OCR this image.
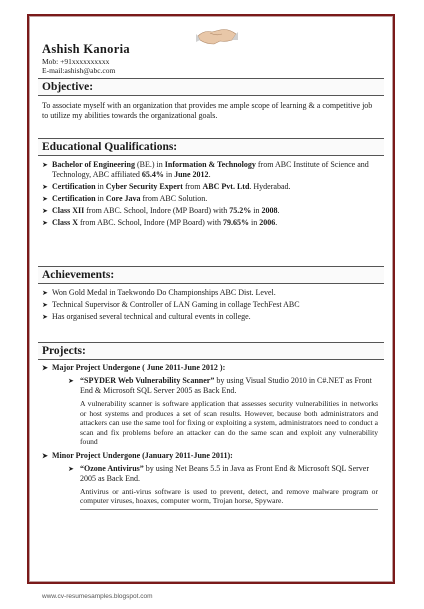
Ashish Kanoria
Mob: +91xxxxxxxxxx
E-mail:ashish@abc.com
Objective:
To associate myself with an organization that provides me ample scope of learning & a competitive job to utilize my abilities towards the organizational goals.
Educational Qualifications:
➤ Bachelor of Engineering (BE.) in Information & Technology from ABC Institute of Science and Technology, ABC affiliated 65.4% in June 2012.
➤ Certification in Cyber Security Expert from ABC Pvt. Ltd. Hyderabad.
➤ Certification in Core Java from ABC Solution.
➤ Class XII from ABC. School, Indore (MP Board) with 75.2% in 2008.
➤ Class X from ABC. School, Indore (MP Board) with 79.65% in 2006.
Achievements:
➤ Won Gold Medal in Taekwondo Do Championships ABC Dist. Level.
➤ Technical Supervisor & Controller of LAN Gaming in collage TechFest ABC
➤ Has organised several technical and cultural events in college.
Projects:
➤ Major Project Undergone ( June 2011-June 2012 ):
➤ “SPYDER Web Vulnerability Scanner” by using Visual Studio 2010 in C#.NET as Front End & Microsoft SQL Server 2005 as Back End.
A vulnerability scanner is software application that assesses security vulnerabilities in networks or host systems and produces a set of scan results. However, because both administrators and attackers can use the same tool for fixing or exploiting a system, administrators need to conduct a scan and fix problems before an attacker can do the same scan and exploit any vulnerability found
➤ Minor Project Undergone (January 2011-June 2011):
➤ “Ozone Antivirus” by using Net Beans 5.5 in Java as Front End & Microsoft SQL Server 2005 as Back End.
Antivirus or anti-virus software is used to prevent, detect, and remove malware program or computer viruses, hoaxes, computer worm, Trojan horse, Spyware.
www.cv-resumesamples.blogspot.com
